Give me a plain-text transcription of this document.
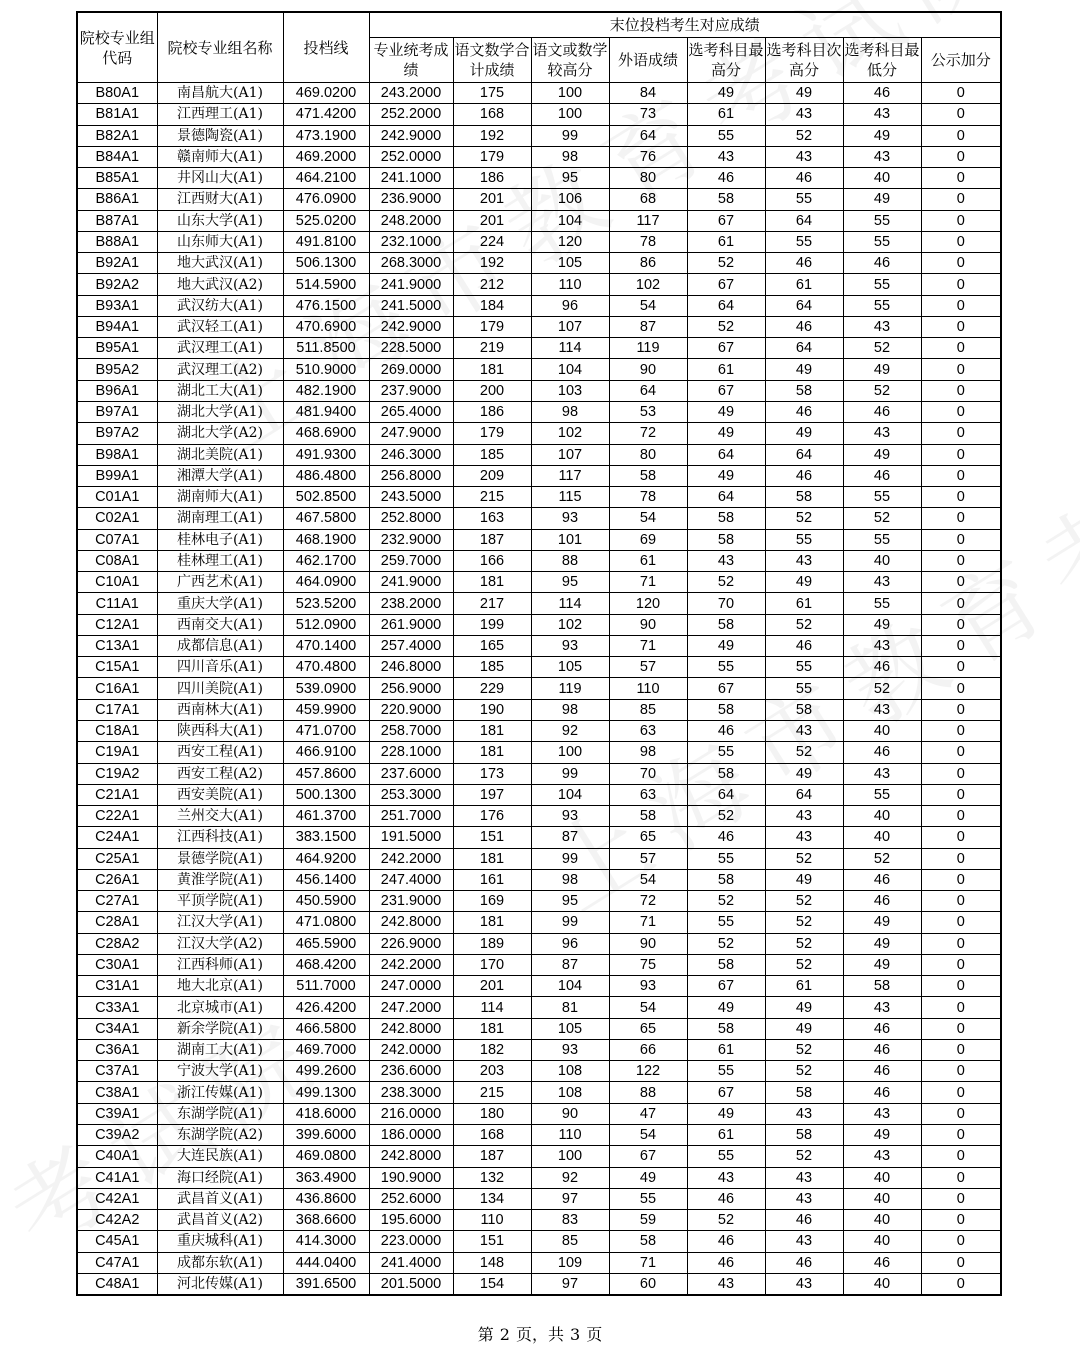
院校专业组代码	院校专业组名称	投档线	末位投档考生对应成绩							
			专业统考成绩	语文数学合计成绩	语文或数学较高分	外语成绩	选考科目最高分	选考科目次高分	选考科目最低分	公示加分
B80A1	南昌航大(A1)	469.0200	243.2000	175	100	84	49	49	46	0
B81A1	江西理工(A1)	471.4200	252.2000	168	100	73	61	43	43	0
B82A1	景德陶瓷(A1)	473.1900	242.9000	192	99	64	55	52	49	0
B84A1	赣南师大(A1)	469.2000	252.0000	179	98	76	43	43	43	0
B85A1	井冈山大(A1)	464.2100	241.1000	186	95	80	46	46	40	0
B86A1	江西财大(A1)	476.0900	236.9000	201	106	68	58	55	49	0
B87A1	山东大学(A1)	525.0200	248.2000	201	104	117	67	64	55	0
B88A1	山东师大(A1)	491.8100	232.1000	224	120	78	61	55	55	0
B92A1	地大武汉(A1)	506.1300	268.3000	192	105	86	52	46	46	0
B92A2	地大武汉(A2)	514.5900	241.9000	212	110	102	67	61	55	0
B93A1	武汉纺大(A1)	476.1500	241.5000	184	96	54	64	64	55	0
B94A1	武汉轻工(A1)	470.6900	242.9000	179	107	87	52	46	43	0
B95A1	武汉理工(A1)	511.8500	228.5000	219	114	119	67	64	52	0
B95A2	武汉理工(A2)	510.9000	269.0000	181	104	90	61	49	49	0
B96A1	湖北工大(A1)	482.1900	237.9000	200	103	64	67	58	52	0
B97A1	湖北大学(A1)	481.9400	265.4000	186	98	53	49	46	46	0
B97A2	湖北大学(A2)	468.6900	247.9000	179	102	72	49	49	43	0
B98A1	湖北美院(A1)	491.9300	246.3000	185	107	80	64	64	49	0
B99A1	湘潭大学(A1)	486.4800	256.8000	209	117	58	49	46	46	0
C01A1	湖南师大(A1)	502.8500	243.5000	215	115	78	64	58	55	0
C02A1	湖南理工(A1)	467.5800	252.8000	163	93	54	58	52	52	0
C07A1	桂林电子(A1)	468.1900	232.9000	187	101	69	58	55	55	0
C08A1	桂林理工(A1)	462.1700	259.7000	166	88	61	43	43	40	0
C10A1	广西艺术(A1)	464.0900	241.9000	181	95	71	52	49	43	0
C11A1	重庆大学(A1)	523.5200	238.2000	217	114	120	70	61	55	0
C12A1	西南交大(A1)	512.0900	261.9000	199	102	90	58	52	49	0
C13A1	成都信息(A1)	470.1400	257.4000	165	93	71	49	46	43	0
C15A1	四川音乐(A1)	470.4800	246.8000	185	105	57	55	55	46	0
C16A1	四川美院(A1)	539.0900	256.9000	229	119	110	67	55	52	0
C17A1	西南林大(A1)	459.9900	220.9000	190	98	85	58	58	43	0
C18A1	陕西科大(A1)	471.0700	258.7000	181	92	63	46	43	40	0
C19A1	西安工程(A1)	466.9100	228.1000	181	100	98	55	52	46	0
C19A2	西安工程(A2)	457.8600	237.6000	173	99	70	58	49	43	0
C21A1	西安美院(A1)	500.1300	253.3000	197	104	63	64	64	55	0
C22A1	兰州交大(A1)	461.3700	251.7000	176	93	58	52	43	40	0
C24A1	江西科技(A1)	383.1500	191.5000	151	87	65	46	43	40	0
C25A1	景德学院(A1)	464.9200	242.2000	181	99	57	55	52	52	0
C26A1	黄淮学院(A1)	456.1400	247.4000	161	98	54	58	49	46	0
C27A1	平顶学院(A1)	450.5900	231.9000	169	95	72	52	52	46	0
C28A1	江汉大学(A1)	471.0800	242.8000	181	99	71	55	52	49	0
C28A2	江汉大学(A2)	465.5900	226.9000	189	96	90	52	52	49	0
C30A1	江西科师(A1)	468.4200	242.2000	170	87	75	58	52	49	0
C31A1	地大北京(A1)	511.7000	247.0000	201	104	93	67	61	58	0
C33A1	北京城市(A1)	426.4200	247.2000	114	81	54	49	49	43	0
C34A1	新余学院(A1)	466.5800	242.8000	181	105	65	58	49	46	0
C36A1	湖南工大(A1)	469.7000	242.0000	182	93	66	61	52	46	0
C37A1	宁波大学(A1)	499.2600	236.6000	203	108	122	55	52	46	0
C38A1	浙江传媒(A1)	499.1300	238.3000	215	108	88	67	58	46	0
C39A1	东湖学院(A1)	418.6000	216.0000	180	90	47	49	43	43	0
C39A2	东湖学院(A2)	399.6000	186.0000	168	110	54	61	58	49	0
C40A1	大连民族(A1)	469.0800	242.8000	187	100	67	55	52	43	0
C41A1	海口经院(A1)	363.4900	190.9000	132	92	49	43	43	40	0
C42A1	武昌首义(A1)	436.8600	252.6000	134	97	55	46	43	40	0
C42A2	武昌首义(A2)	368.6600	195.6000	110	83	59	52	46	40	0
C45A1	重庆城科(A1)	414.3000	223.0000	151	85	58	46	43	40	0
C47A1	成都东软(A1)	444.0400	241.4000	148	109	71	46	46	46	0
C48A1	河北传媒(A1)	391.6500	201.5000	154	97	60	43	43	40	0
第 2 页，共 3 页
